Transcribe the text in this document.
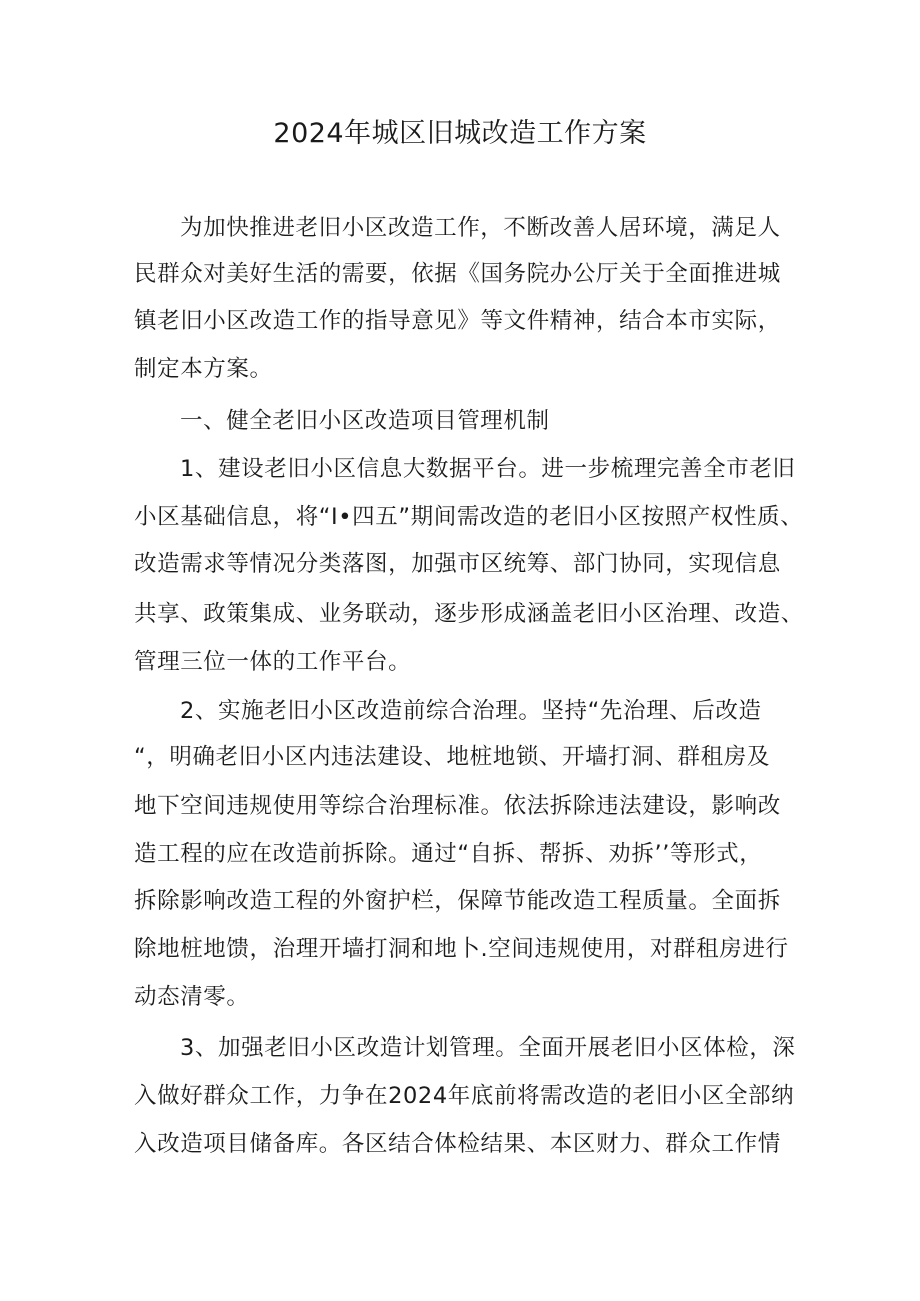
2024年城区旧城改造工作方案
为加快推进老旧小区改造工作，不断改善人居环境，满足人
民群众对美好生活的需要，依据《国务院办公厅关于全面推进城
镇老旧小区改造工作的指导意见》等文件精神，结合本市实际，
制定本方案。
一、健全老旧小区改造项目管理机制
1、建设老旧小区信息大数据平台。进一步梳理完善全市老旧
小区基础信息，将“I•四五”期间需改造的老旧小区按照产权性质、
改造需求等情况分类落图，加强市区统筹、部门协同，实现信息
共享、政策集成、业务联动，逐步形成涵盖老旧小区治理、改造、
管理三位一体的工作平台。
2、实施老旧小区改造前综合治理。坚持“先治理、后改造
“，明确老旧小区内违法建设、地桩地锁、开墙打洞、群租房及
地下空间违规使用等综合治理标准。依法拆除违法建设，影响改
造工程的应在改造前拆除。通过“自拆、帮拆、劝拆’’等形式，
拆除影响改造工程的外窗护栏，保障节能改造工程质量。全面拆
除地桩地馈，治理开墙打洞和地卜.空间违规使用，对群租房进行
动态清零。
3、加强老旧小区改造计划管理。全面开展老旧小区体检，深
入做好群众工作，力争在2024年底前将需改造的老旧小区全部纳
入改造项目储备库。各区结合体检结果、本区财力、群众工作情
